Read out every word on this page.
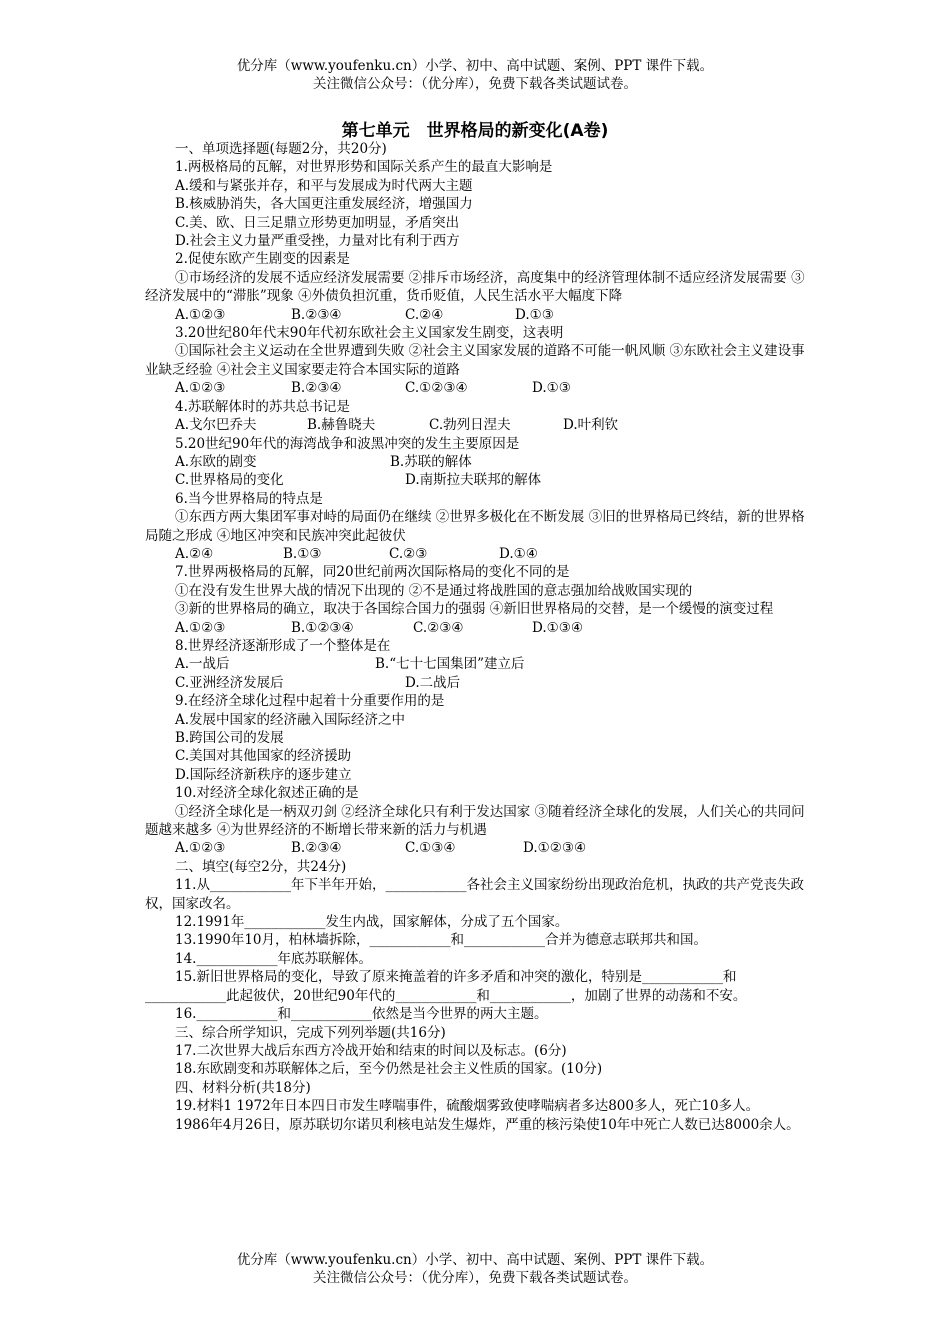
优分库（www.youfenku.cn）小学、初中、高中试题、案例、PPT 课件下载。
关注微信公众号：（优分库），免费下载各类试题试卷。
第七单元　世界格局的新变化(A卷)

一、单项选择题(每题2分，共20分)

1.两极格局的瓦解，对世界形势和国际关系产生的最直大影响是

A.缓和与紧张并存，和平与发展成为时代两大主题

B.核威胁消失，各大国更注重发展经济，增强国力

C.美、欧、日三足鼎立形势更加明显，矛盾突出

D.社会主义力量严重受挫，力量对比有利于西方

2.促使东欧产生剧变的因素是

①市场经济的发展不适应经济发展需要 ②排斥市场经济，高度集中的经济管理体制不适应经济发展需要 ③经济发展中的“滞胀”现象 ④外债负担沉重，货币贬值，人民生活水平大幅度下降

A.①②③	B.②③④	C.②④	D.①③

3.20世纪80年代末90年代初东欧社会主义国家发生剧变，这表明

①国际社会主义运动在全世界遭到失败 ②社会主义国家发展的道路不可能一帆风顺 ③东欧社会主义建设事业缺乏经验 ④社会主义国家要走符合本国实际的道路

A.①②③	B.②③④	C.①②③④	D.①③

4.苏联解体时的苏共总书记是

A.戈尔巴乔夫	B.赫鲁晓夫	C.勃列日涅夫	D.叶利钦

5.20世纪90年代的海湾战争和波黑冲突的发生主要原因是

A.东欧的剧变	B.苏联的解体

C.世界格局的变化	D.南斯拉夫联邦的解体

6.当今世界格局的特点是

①东西方两大集团军事对峙的局面仍在继续 ②世界多极化在不断发展 ③旧的世界格局已终结，新的世界格局随之形成 ④地区冲突和民族冲突此起彼伏

A.②④	B.①③	C.②③	D.①④

7.世界两极格局的瓦解，同20世纪前两次国际格局的变化不同的是

①在没有发生世界大战的情况下出现的 ②不是通过将战胜国的意志强加给战败国实现的

③新的世界格局的确立，取决于各国综合国力的强弱 ④新旧世界格局的交替，是一个缓慢的演变过程

A.①②③	B.①②③④	C.②③④	D.①③④

8.世界经济逐渐形成了一个整体是在

A.一战后	B.“七十七国集团”建立后

C.亚洲经济发展后	D.二战后

9.在经济全球化过程中起着十分重要作用的是

A.发展中国家的经济融入国际经济之中

B.跨国公司的发展

C.美国对其他国家的经济援助

D.国际经济新秩序的逐步建立

10.对经济全球化叙述正确的是

①经济全球化是一柄双刃剑 ②经济全球化只有利于发达国家 ③随着经济全球化的发展，人们关心的共同问题越来越多 ④为世界经济的不断增长带来新的活力与机遇

A.①②③	B.②③④	C.①③④	D.①②③④

二、填空(每空2分，共24分)

11.从____________年下半年开始，____________各社会主义国家纷纷出现政治危机，执政的共产党丧失政权，国家改名。

12.1991年____________发生内战，国家解体，分成了五个国家。

13.1990年10月，柏林墙拆除，____________和____________合并为德意志联邦共和国。

14.____________年底苏联解体。

15.新旧世界格局的变化，导致了原来掩盖着的许多矛盾和冲突的激化，特别是____________和____________此起彼伏，20世纪90年代的____________和____________，加剧了世界的动荡和不安。

16.____________和____________依然是当今世界的两大主题。

三、综合所学知识，完成下列列举题(共16分)

17.二次世界大战后东西方冷战开始和结束的时间以及标志。(6分)

18.东欧剧变和苏联解体之后，至今仍然是社会主义性质的国家。(10分)

四、材料分析(共18分)

19.材料1 1972年日本四日市发生哮喘事件，硫酸烟雾致使哮喘病者多达800多人，死亡10多人。

1986年4月26日，原苏联切尔诺贝利核电站发生爆炸，严重的核污染使10年中死亡人数已达8000余人。

优分库（www.youfenku.cn）小学、初中、高中试题、案例、PPT 课件下载。
关注微信公众号：（优分库），免费下载各类试题试卷。
